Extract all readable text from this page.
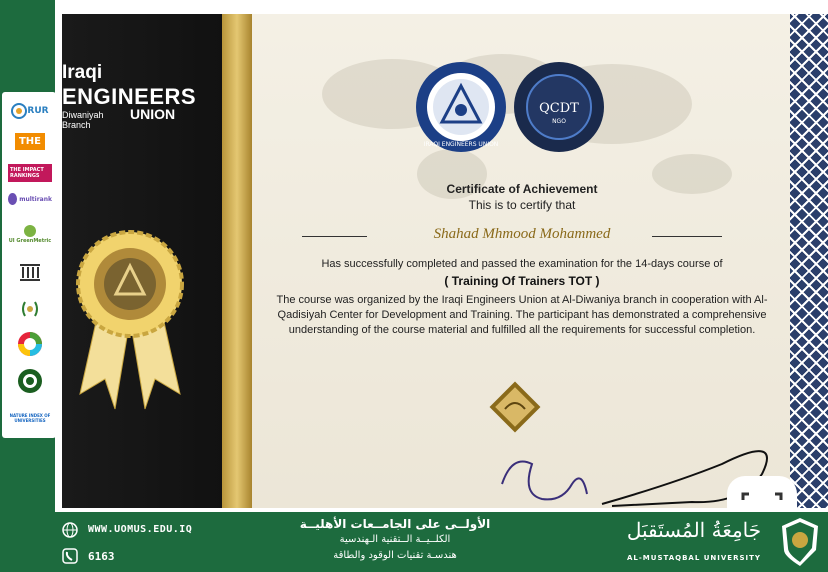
RUR
THE
THE IMPACT RANKINGS
multirank
UI GreenMetric
NATURE INDEX OF UNIVERSITIES
Iraqi
ENGINEERS
UNION
Diwaniyah
Branch
IRAQI ENGINEERS UNION
QCDT
NGO
Certificate of Achievement
This is to certify that
Shahad Mhmood Mohammed
Has successfully completed and passed the examination for the 14-days course of
( Training Of Trainers TOT )
The course was organized by the Iraqi Engineers Union at Al-Diwaniya branch in cooperation with Al-Qadisiyah Center for Development and Training. The participant has demonstrated a comprehensive understanding of the course material and fulfilled all the requirements for successful completion.
WWW.UOMUS.EDU.IQ
6163
الأولــى على الجامــعات الأهليــة
الكلــيــة الــتقنية الـهندسية
هندسـة تقنيات الوقود والطاقة
جَامِعَةُ المُستَقبَل
AL-MUSTAQBAL UNIVERSITY
